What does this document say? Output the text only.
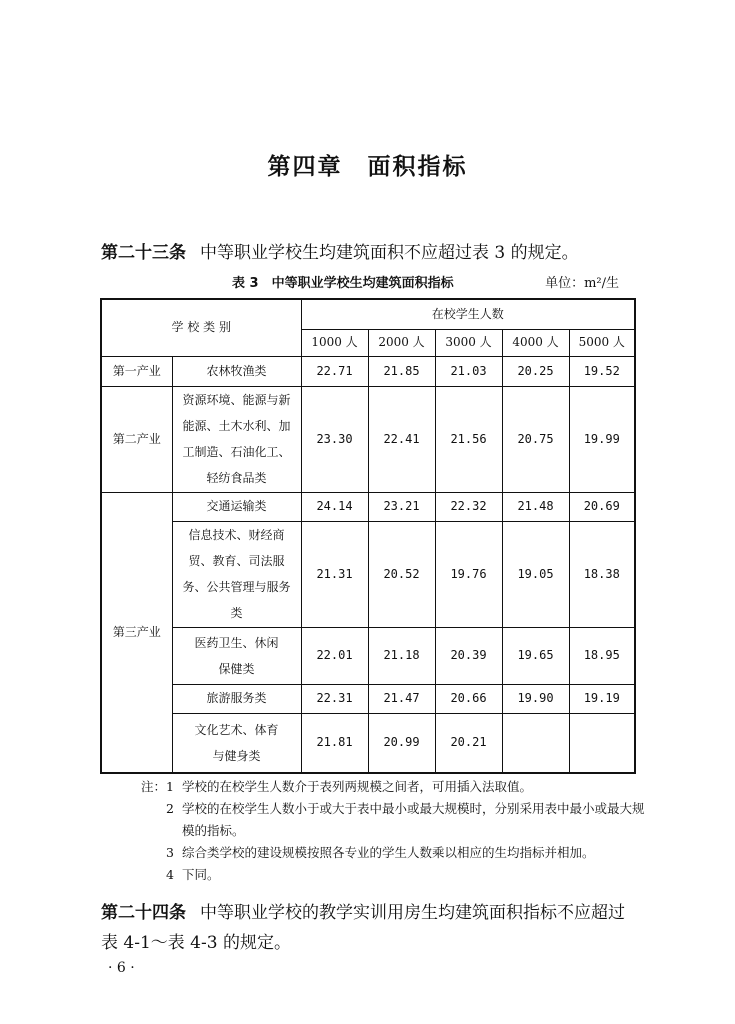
第四章　面积指标
第二十三条 中等职业学校生均建筑面积不应超过表 3 的规定。
表 3　中等职业学校生均建筑面积指标	单位：m²/生
学 校 类 别		在校学生人数				
		1000 人	2000 人	3000 人	4000 人	5000 人
第一产业	农林牧渔类	22.71	21.85	21.03	20.25	19.52
第二产业	资源环境、能源与新能源、土木水利、加工制造、石油化工、轻纺食品类	23.30	22.41	21.56	20.75	19.99
第三产业	交通运输类	24.14	23.21	22.32	21.48	20.69
	信息技术、财经商贸、教育、司法服务、公共管理与服务类	21.31	20.52	19.76	19.05	18.38
	医药卫生、休闲保健类	22.01	21.18	20.39	19.65	18.95
	旅游服务类	22.31	21.47	20.66	19.90	19.19
	文化艺术、体育与健身类	21.81	20.99	20.21		
注：1 学校的在校学生人数介于表列两规模之间者，可用插入法取值。
2 学校的在校学生人数小于或大于表中最小或最大规模时，分别采用表中最小或最大规模的指标。
3 综合类学校的建设规模按照各专业的学生人数乘以相应的生均指标并相加。
4 下同。
第二十四条 中等职业学校的教学实训用房生均建筑面积指标不应超过表 4-1～表 4-3 的规定。
· 6 ·
